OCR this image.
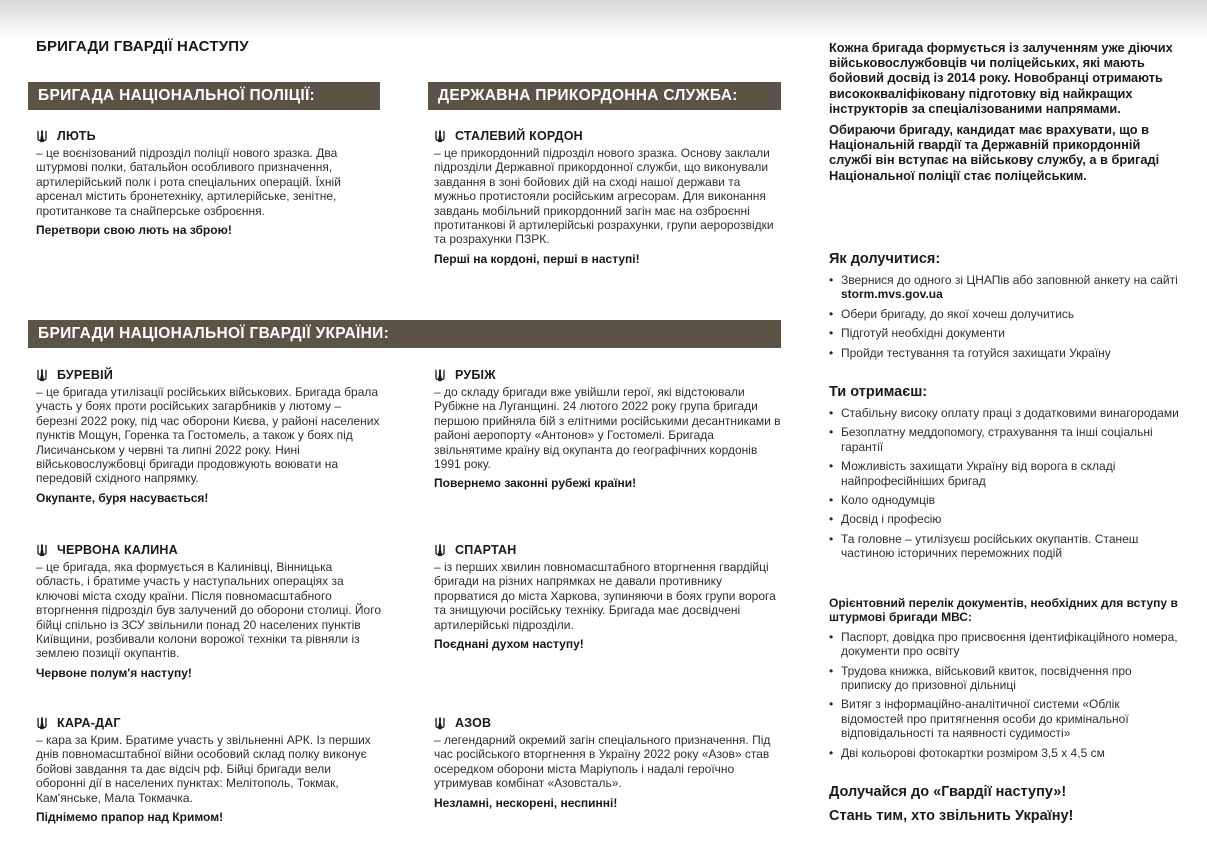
БРИГАДИ ГВАРДІЇ НАСТУПУ
БРИГАДА НАЦІОНАЛЬНОЇ ПОЛІЦІЇ:
ЛЮТЬ
– це воєнізований підрозділ поліції нового зразка. Два штурмові полки, батальйон особливого призначення, артилерійський полк і рота спеціальних операцій. Їхній арсенал містить бронетехніку, артилерійське, зенітне, протитанкове та снайперське озброєння.
Перетвори свою лють на зброю!
ДЕРЖАВНА ПРИКОРДОННА СЛУЖБА:
СТАЛЕВИЙ КОРДОН
– це прикордонний підрозділ нового зразка. Основу заклали підрозділи Державної прикордонної служби, що виконували завдання в зоні бойових дій на сході нашої держави та мужньо протистояли російським агресорам. Для виконання завдань мобільний прикордонний загін має на озброєнні протитанкові й артилерійські розрахунки, групи аеророзвідки та розрахунки ПЗРК.
Перші на кордоні, перші в наступі!
БРИГАДИ НАЦІОНАЛЬНОЇ ГВАРДІЇ УКРАЇНИ:
БУРЕВІЙ
– це бригада утилізації російських військових. Бригада брала участь у боях проти російських загарбників у лютому – березні 2022 року, під час оборони Києва, у районі населених пунктів Мощун, Горенка та Гостомель, а також у боях під Лисичанськом у червні та липні 2022 року. Нині військовослужбовці бригади продовжують воювати на передовій східного напрямку.
Окупанте, буря насувається!
РУБІЖ
– до складу бригади вже увійшли герої, які відстоювали Рубіжне на Луганщині. 24 лютого 2022 року група бригади першою прийняла бій з елітними російськими десантниками в районі аеропорту «Антонов» у Гостомелі. Бригада звільнятиме країну від окупанта до географічних кордонів 1991 року.
Повернемо законні рубежі країни!
ЧЕРВОНА КАЛИНА
– це бригада, яка формується в Калинівці, Вінницька область, і братиме участь у наступальних операціях за ключові міста сходу країни. Після повномасштабного вторгнення підрозділ був залучений до оборони столиці. Його бійці спільно із ЗСУ звільнили понад 20 населених пунктів Київщини, розбивали колони ворожої техніки та рівняли із землею позиції окупантів.
Червоне полум'я наступу!
СПАРТАН
– із перших хвилин повномасштабного вторгнення гвардійці бригади на різних напрямках не давали противнику прорватися до міста Харкова, зупиняючи в боях групи ворога та знищуючи російську техніку. Бригада має досвідчені артилерійські підрозділи.
Поєднані духом наступу!
КАРА-ДАГ
– кара за Крим. Братиме участь у звільненні АРК. Із перших днів повномасштабної війни особовий склад полку виконує бойові завдання та дає відсіч рф. Бійці бригади вели оборонні дії в населених пунктах: Мелітополь, Токмак, Кам'янське, Мала Токмачка.
Піднімемо прапор над Кримом!
АЗОВ
– легендарний окремий загін спеціального призначення. Під час російського вторгнення в Україну 2022 року «Азов» став осередком оборони міста Маріуполь і надалі героїчно утримував комбінат «Азовсталь».
Незламні, нескорені, неспинні!

Кожна бригада формується із залученням уже діючих військовослужбовців чи поліцейських, які мають бойовий досвід із 2014 року. Новобранці отримають висококваліфіковану підготовку від найкращих інструкторів за спеціалізованими напрямами.

Обираючи бригаду, кандидат має врахувати, що в Національній гвардії та Державній прикордонній службі він вступає на військову службу, а в бригаді Національної поліції стає поліцейським.

Як долучитися:
• Звернися до одного зі ЦНАПів або заповнюй анкету на сайті storm.mvs.gov.ua
• Обери бригаду, до якої хочеш долучитись
• Підготуй необхідні документи
• Пройди тестування та готуйся захищати Україну
Ти отримаєш:
• Стабільну високу оплату праці з додатковими винагородами
• Безоплатну меддопомогу, страхування та інші соціальні гарантії
• Можливість захищати Україну від ворога в складі найпрофесійніших бригад
• Коло однодумців
• Досвід і професію
• Та головне – утилізуєш російських окупантів. Станеш частиною історичних переможних подій
Орієнтовний перелік документів, необхідних для вступу в штурмові бригади МВС:
• Паспорт, довідка про присвоєння ідентифікаційного номера, документи про освіту
• Трудова книжка, військовий квиток, посвідчення про приписку до призовної дільниці
• Витяг з інформаційно-аналітичної системи «Облік відомостей про притягнення особи до кримінальної відповідальності та наявності судимості»
• Дві кольорові фотокартки розміром 3,5 х 4,5 см
Долучайся до «Гвардії наступу»!
Стань тим, хто звільнить Україну!
